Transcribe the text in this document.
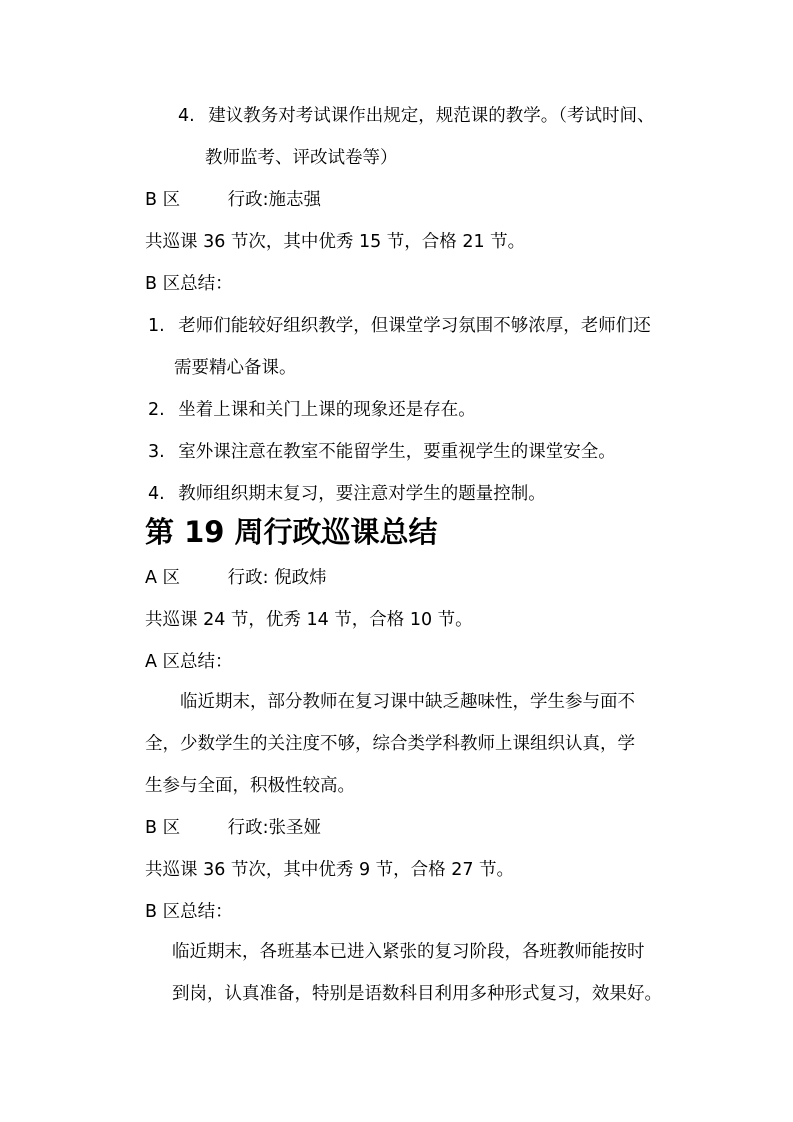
4. 建议教务对考试课作出规定，规范课的教学。（考试时间、
教师监考、评改试卷等）
B 区	行政:施志强
共巡课 36 节次，其中优秀 15 节，合格 21 节。
B 区总结：
1. 老师们能较好组织教学，但课堂学习氛围不够浓厚，老师们还
需要精心备课。
2. 坐着上课和关门上课的现象还是存在。
3. 室外课注意在教室不能留学生，要重视学生的课堂安全。
4. 教师组织期末复习，要注意对学生的题量控制。
第 19 周行政巡课总结
A 区	行政: 倪政炜
共巡课 24 节，优秀 14 节，合格 10 节。
A 区总结：
临近期末，部分教师在复习课中缺乏趣味性，学生参与面不
全，少数学生的关注度不够，综合类学科教师上课组织认真，学
生参与全面，积极性较高。
B 区	行政:张圣娅
共巡课 36 节次，其中优秀 9 节，合格 27 节。
B 区总结：
临近期末，各班基本已进入紧张的复习阶段，各班教师能按时
到岗，认真准备，特别是语数科目利用多种形式复习，效果好。
